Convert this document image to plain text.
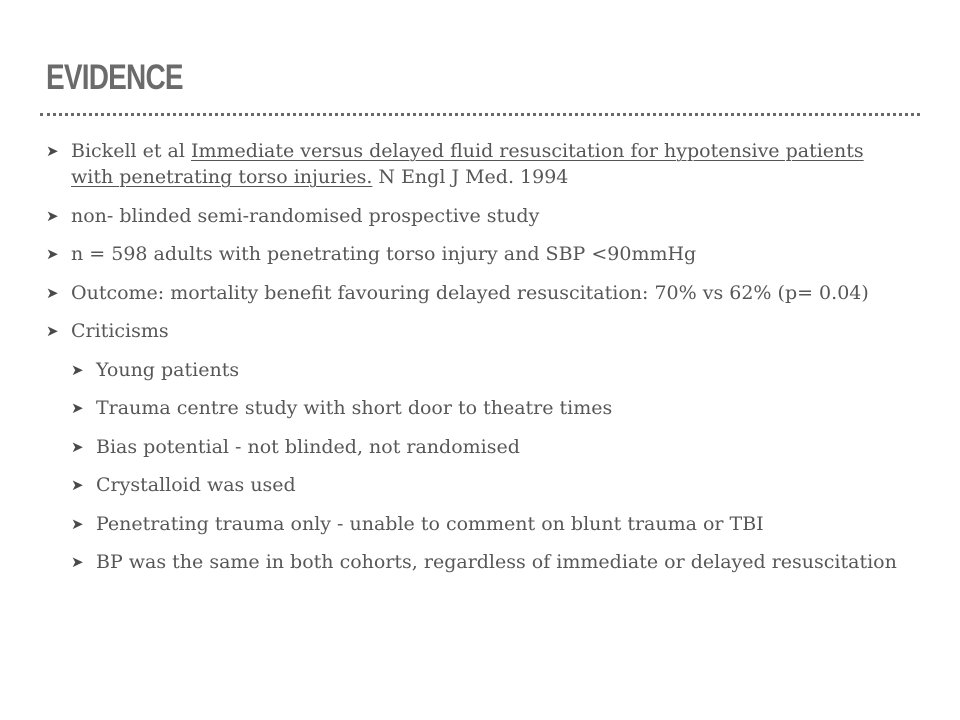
EVIDENCE
➤ Bickell et al Immediate versus delayed fluid resuscitation for hypotensive patients with penetrating torso injuries. N Engl J Med. 1994
➤ non- blinded semi-randomised prospective study
➤ n = 598 adults with penetrating torso injury and SBP <90mmHg
➤ Outcome: mortality benefit favouring delayed resuscitation: 70% vs 62% (p= 0.04)
➤ Criticisms
➤ Young patients
➤ Trauma centre study with short door to theatre times
➤ Bias potential - not blinded, not randomised
➤ Crystalloid was used
➤ Penetrating trauma only - unable to comment on blunt trauma or TBI
➤ BP was the same in both cohorts, regardless of immediate or delayed resuscitation
